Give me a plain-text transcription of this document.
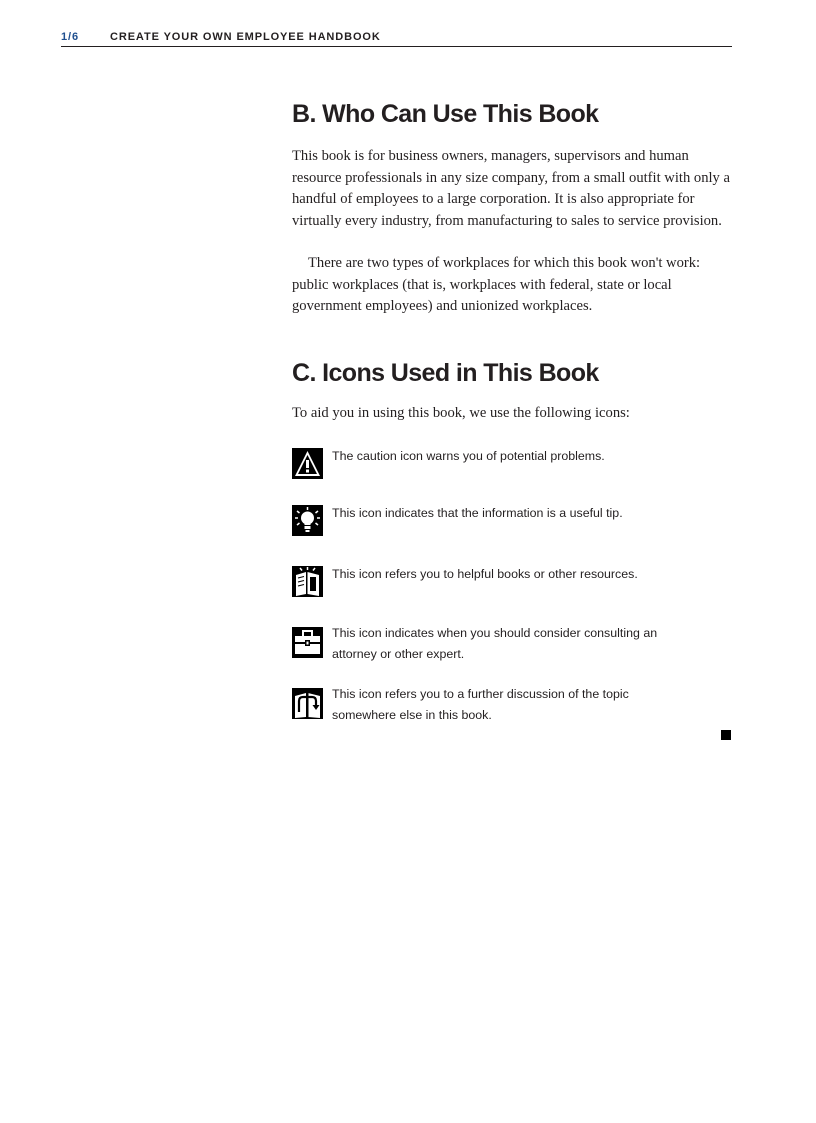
1/6	CREATE YOUR OWN EMPLOYEE HANDBOOK
B. Who Can Use This Book

This book is for business owners, managers, supervisors and human resource professionals in any size company, from a small outfit with only a handful of employees to a large corporation. It is also appropriate for virtually every industry, from manufacturing to sales to service provision.

There are two types of workplaces for which this book won't work: public workplaces (that is, workplaces with federal, state or local government employees) and unionized workplaces.

C. Icons Used in This Book

To aid you in using this book, we use the following icons:

The caution icon warns you of potential problems.

This icon indicates that the information is a useful tip.

This icon refers you to helpful books or other resources.

This icon indicates when you should consider consulting an attorney or other expert.

This icon refers you to a further discussion of the topic somewhere else in this book.
